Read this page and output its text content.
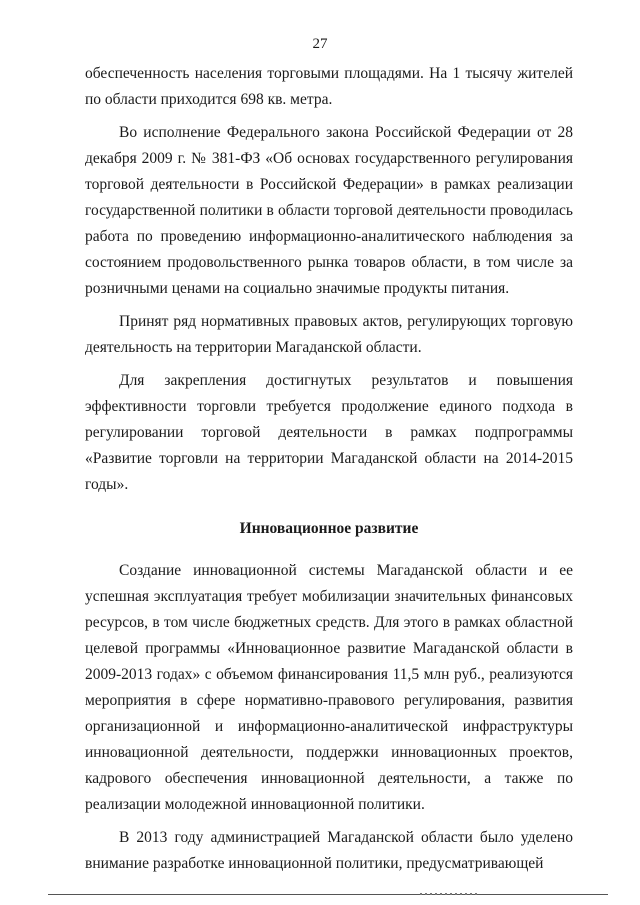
27

обеспеченность населения торговыми площадями. На 1 тысячу жителей по области приходится 698 кв. метра.

Во исполнение Федерального закона Российской Федерации от 28 декабря 2009 г. № 381-ФЗ «Об основах государственного регулирования торговой деятельности в Российской Федерации» в рамках реализации государственной политики в области торговой деятельности проводилась работа по проведению информационно-аналитического наблюдения за состоянием продовольственного рынка товаров области, в том числе за розничными ценами на социально значимые продукты питания.

Принят ряд нормативных правовых актов, регулирующих торговую деятельность на территории Магаданской области.

Для закрепления достигнутых результатов и повышения эффективности торговли требуется продолжение единого подхода в регулировании торговой деятельности в рамках подпрограммы «Развитие торговли на территории Магаданской области на 2014-2015 годы».

Инновационное развитие

Создание инновационной системы Магаданской области и ее успешная эксплуатация требует мобилизации значительных финансовых ресурсов, в том числе бюджетных средств. Для этого в рамках областной целевой программы «Инновационное развитие Магаданской области в 2009-2013 годах» с объемом финансирования 11,5 млн руб., реализуются мероприятия в сфере нормативно-правового регулирования, развития организационной и информационно-аналитической инфраструктуры инновационной деятельности, поддержки инновационных проектов, кадрового обеспечения инновационной деятельности, а также по реализации молодежной инновационной политики.

В 2013 году администрацией Магаданской области было уделено внимание разработке инновационной политики, предусматривающей
